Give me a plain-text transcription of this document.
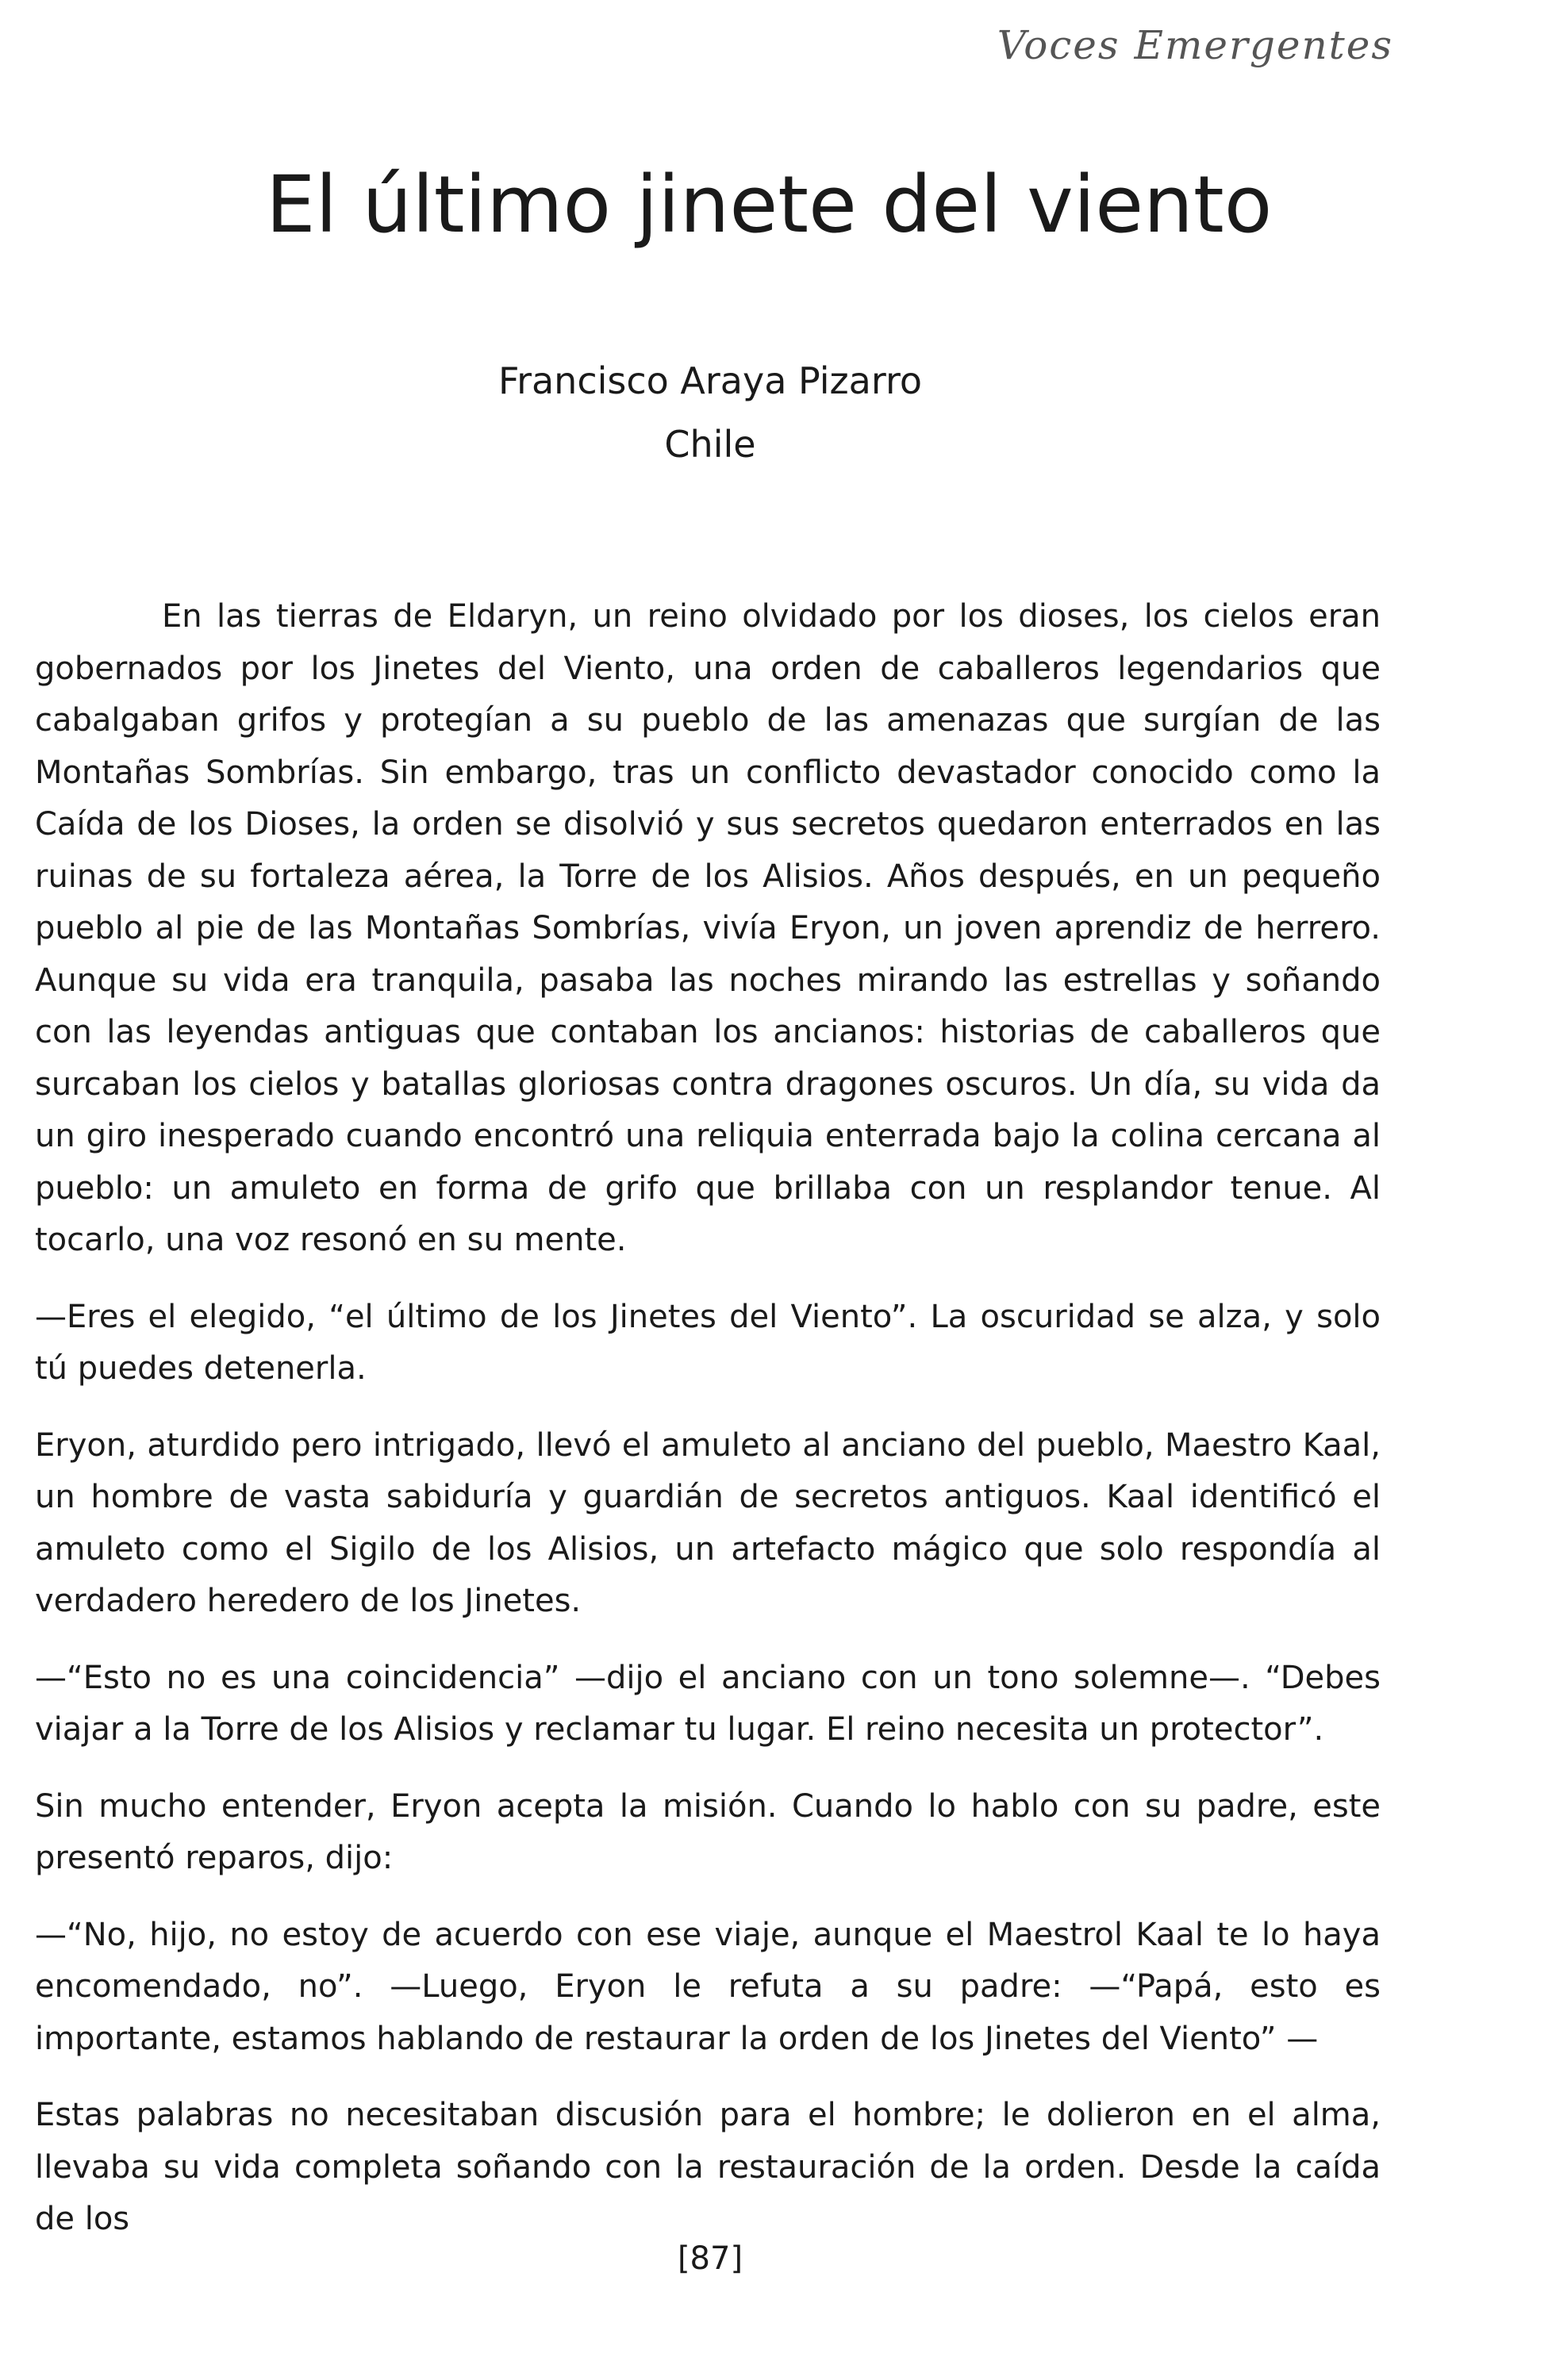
Voces Emergentes
El último jinete del viento
Francisco Araya Pizarro
Chile

En las tierras de Eldaryn, un reino olvidado por los dioses, los cielos eran gobernados por los Jinetes del Viento, una orden de caballeros legendarios que cabalgaban grifos y protegían a su pueblo de las amenazas que surgían de las Montañas Sombrías. Sin embargo, tras un conflicto devastador conocido como la Caída de los Dioses, la orden se disolvió y sus secretos quedaron enterrados en las ruinas de su fortaleza aérea, la Torre de los Alisios. Años después, en un pequeño pueblo al pie de las Montañas Sombrías, vivía Eryon, un joven aprendiz de herrero. Aunque su vida era tranquila, pasaba las noches mirando las estrellas y soñando con las leyendas antiguas que contaban los ancianos: historias de caballeros que surcaban los cielos y batallas gloriosas contra dragones oscuros. Un día, su vida da un giro inesperado cuando encontró una reliquia enterrada bajo la colina cercana al pueblo: un amuleto en forma de grifo que brillaba con un resplandor tenue. Al tocarlo, una voz resonó en su mente.

—Eres el elegido, “el último de los Jinetes del Viento”. La oscuridad se alza, y solo tú puedes detenerla.

Eryon, aturdido pero intrigado, llevó el amuleto al anciano del pueblo, Maestro Kaal, un hombre de vasta sabiduría y guardián de secretos antiguos. Kaal identificó el amuleto como el Sigilo de los Alisios, un artefacto mágico que solo respondía al verdadero heredero de los Jinetes.

—“Esto no es una coincidencia” —dijo el anciano con un tono solemne—. “Debes viajar a la Torre de los Alisios y reclamar tu lugar. El reino necesita un protector”.

Sin mucho entender, Eryon acepta la misión. Cuando lo hablo con su padre, este presentó reparos, dijo:

—“No, hijo, no estoy de acuerdo con ese viaje, aunque el Maestrol Kaal te lo haya encomendado, no”. —Luego, Eryon le refuta a su padre: —“Papá, esto es importante, estamos hablando de restaurar la orden de los Jinetes del Viento” —

Estas palabras no necesitaban discusión para el hombre; le dolieron en el alma, llevaba su vida completa soñando con la restauración de la orden. Desde la caída de los

[87]
